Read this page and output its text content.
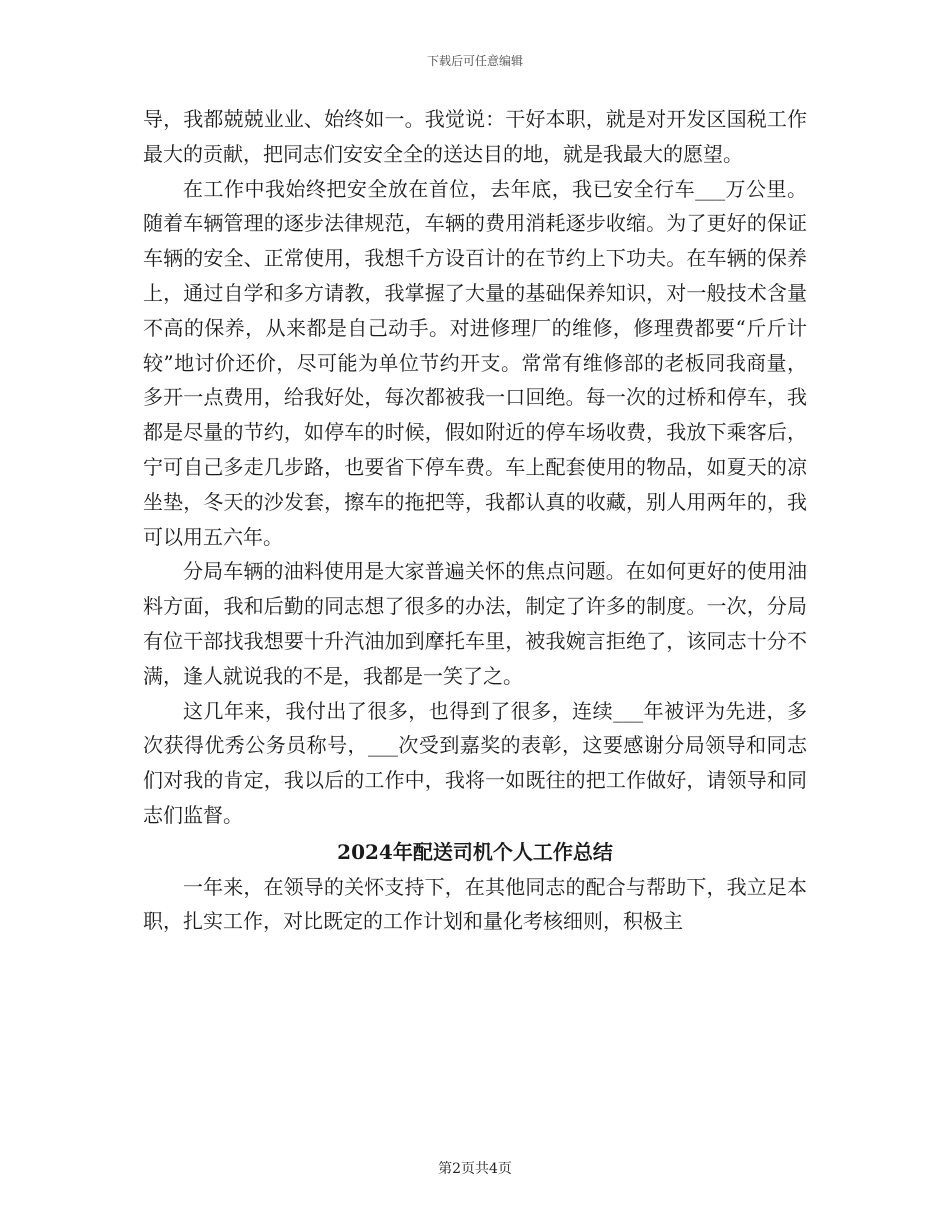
下载后可任意编辑

导，我都兢兢业业、始终如一。我觉说：干好本职，就是对开发区国税工作最大的贡献，把同志们安安全全的送达目的地，就是我最大的愿望。

在工作中我始终把安全放在首位，去年底，我已安全行车___万公里。随着车辆管理的逐步法律规范，车辆的费用消耗逐步收缩。为了更好的保证车辆的安全、正常使用，我想千方设百计的在节约上下功夫。在车辆的保养上，通过自学和多方请教，我掌握了大量的基础保养知识，对一般技术含量不高的保养，从来都是自己动手。对进修理厂的维修，修理费都要“斤斤计较”地讨价还价，尽可能为单位节约开支。常常有维修部的老板同我商量，多开一点费用，给我好处，每次都被我一口回绝。每一次的过桥和停车，我都是尽量的节约，如停车的时候，假如附近的停车场收费，我放下乘客后，宁可自己多走几步路，也要省下停车费。车上配套使用的物品，如夏天的凉坐垫，冬天的沙发套，擦车的拖把等，我都认真的收藏，别人用两年的，我可以用五六年。

分局车辆的油料使用是大家普遍关怀的焦点问题。在如何更好的使用油料方面，我和后勤的同志想了很多的办法，制定了许多的制度。一次，分局有位干部找我想要十升汽油加到摩托车里，被我婉言拒绝了，该同志十分不满，逢人就说我的不是，我都是一笑了之。

这几年来，我付出了很多，也得到了很多，连续___年被评为先进，多次获得优秀公务员称号，___次受到嘉奖的表彰，这要感谢分局领导和同志们对我的肯定，我以后的工作中，我将一如既往的把工作做好，请领导和同志们监督。

2024年配送司机个人工作总结

一年来，在领导的关怀支持下，在其他同志的配合与帮助下，我立足本职，扎实工作，对比既定的工作计划和量化考核细则，积极主

第2页共4页
